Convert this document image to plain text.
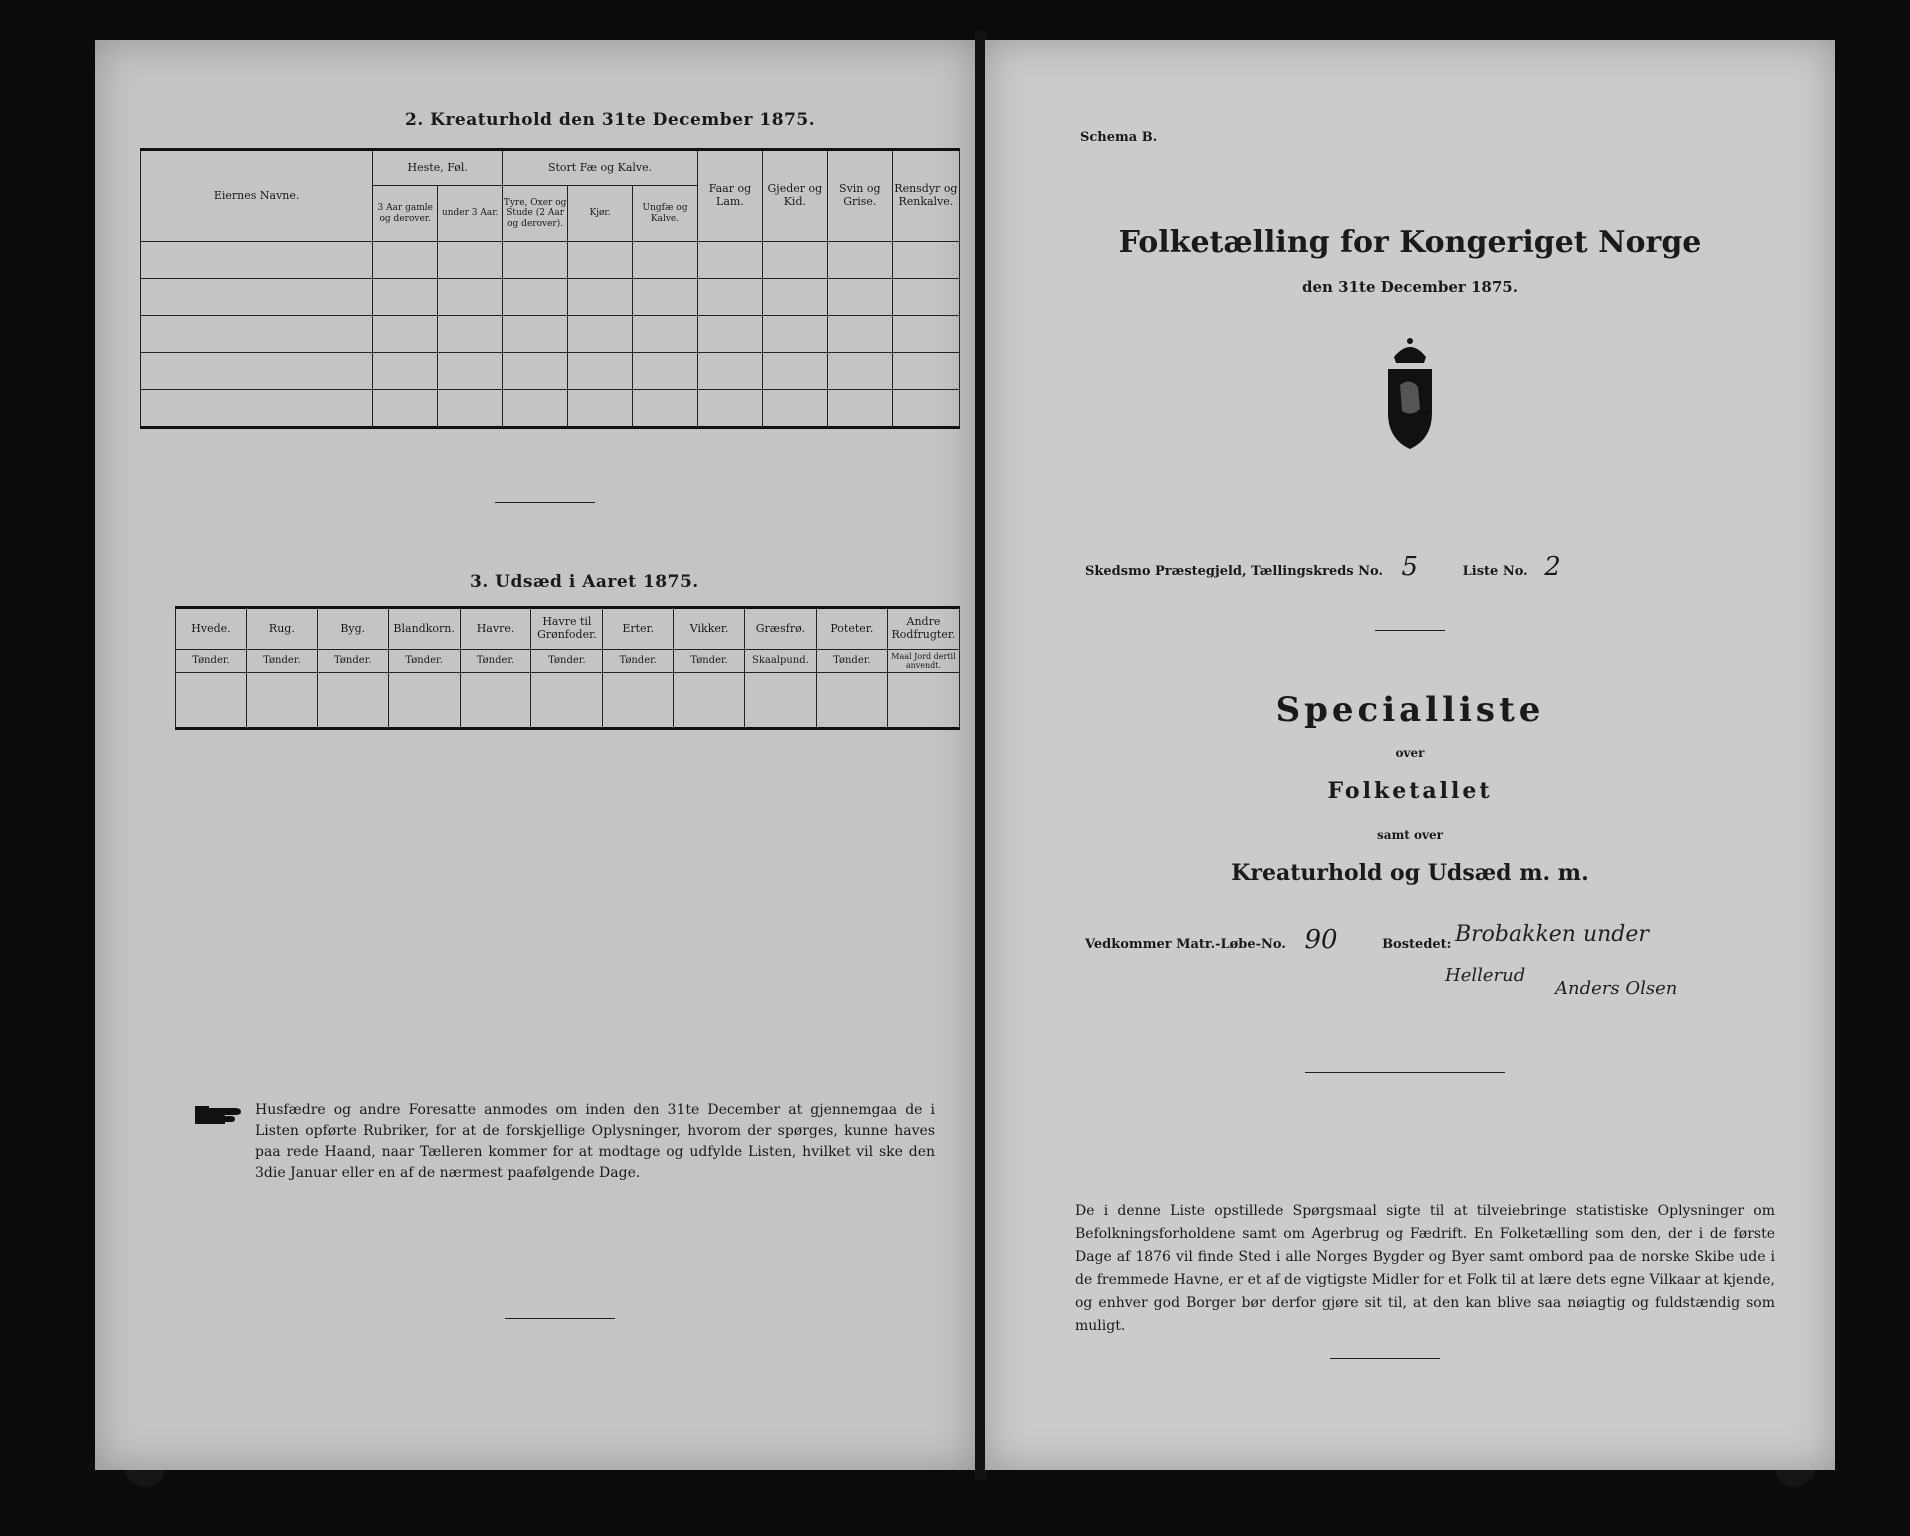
2. Kreaturhold den 31te December 1875.
Eiernes Navne.	Heste, Føl.		Stort Fæ og Kalve.			Faar og Lam.	Gjeder og Kid.	Svin og Grise.	Rensdyr og Renkalve.
	3 Aar gamle og derover.	under 3 Aar.	Tyre, Oxer og Stude (2 Aar og derover).	Kjør.	Ungfæ og Kalve.				

3. Udsæd i Aaret 1875.
Hvede.	Rug.	Byg.	Blandkorn.	Havre.	Havre til Grønfoder.	Erter.	Vikker.	Græsfrø.	Poteter.	Andre Rodfrugter.
Tønder.	Tønder.	Tønder.	Tønder.	Tønder.	Tønder.	Tønder.	Tønder.	Skaalpund.	Tønder.	Maal Jord dertil anvendt.

Husfædre og andre Foresatte anmodes om inden den 31te December at gjennemgaa de i Listen opførte Rubriker, for at de forskjellige Oplysninger, hvorom der spørges, kunne haves paa rede Haand, naar Tælleren kommer for at modtage og udfylde Listen, hvilket vil ske den 3die Januar eller en af de nærmest paafølgende Dage.
Schema B.
Folketælling for Kongeriget Norge
den 31te December 1875.
Skedsmo Præstegjeld, Tællingskreds No. 5	Liste No. 2
Specialliste
over
Folketallet
samt over
Kreaturhold og Udsæd m. m.
Vedkommer Matr.-Løbe-No. 90	Bostedet: Brobakken under
Hellerud
Anders Olsen
De i denne Liste opstillede Spørgsmaal sigte til at tilveiebringe statistiske Oplysninger om Befolkningsforholdene samt om Agerbrug og Fædrift. En Folketælling som den, der i de første Dage af 1876 vil finde Sted i alle Norges Bygder og Byer samt ombord paa de norske Skibe ude i de fremmede Havne, er et af de vigtigste Midler for et Folk til at lære dets egne Vilkaar at kjende, og enhver god Borger bør derfor gjøre sit til, at den kan blive saa nøiagtig og fuldstændig som muligt.
